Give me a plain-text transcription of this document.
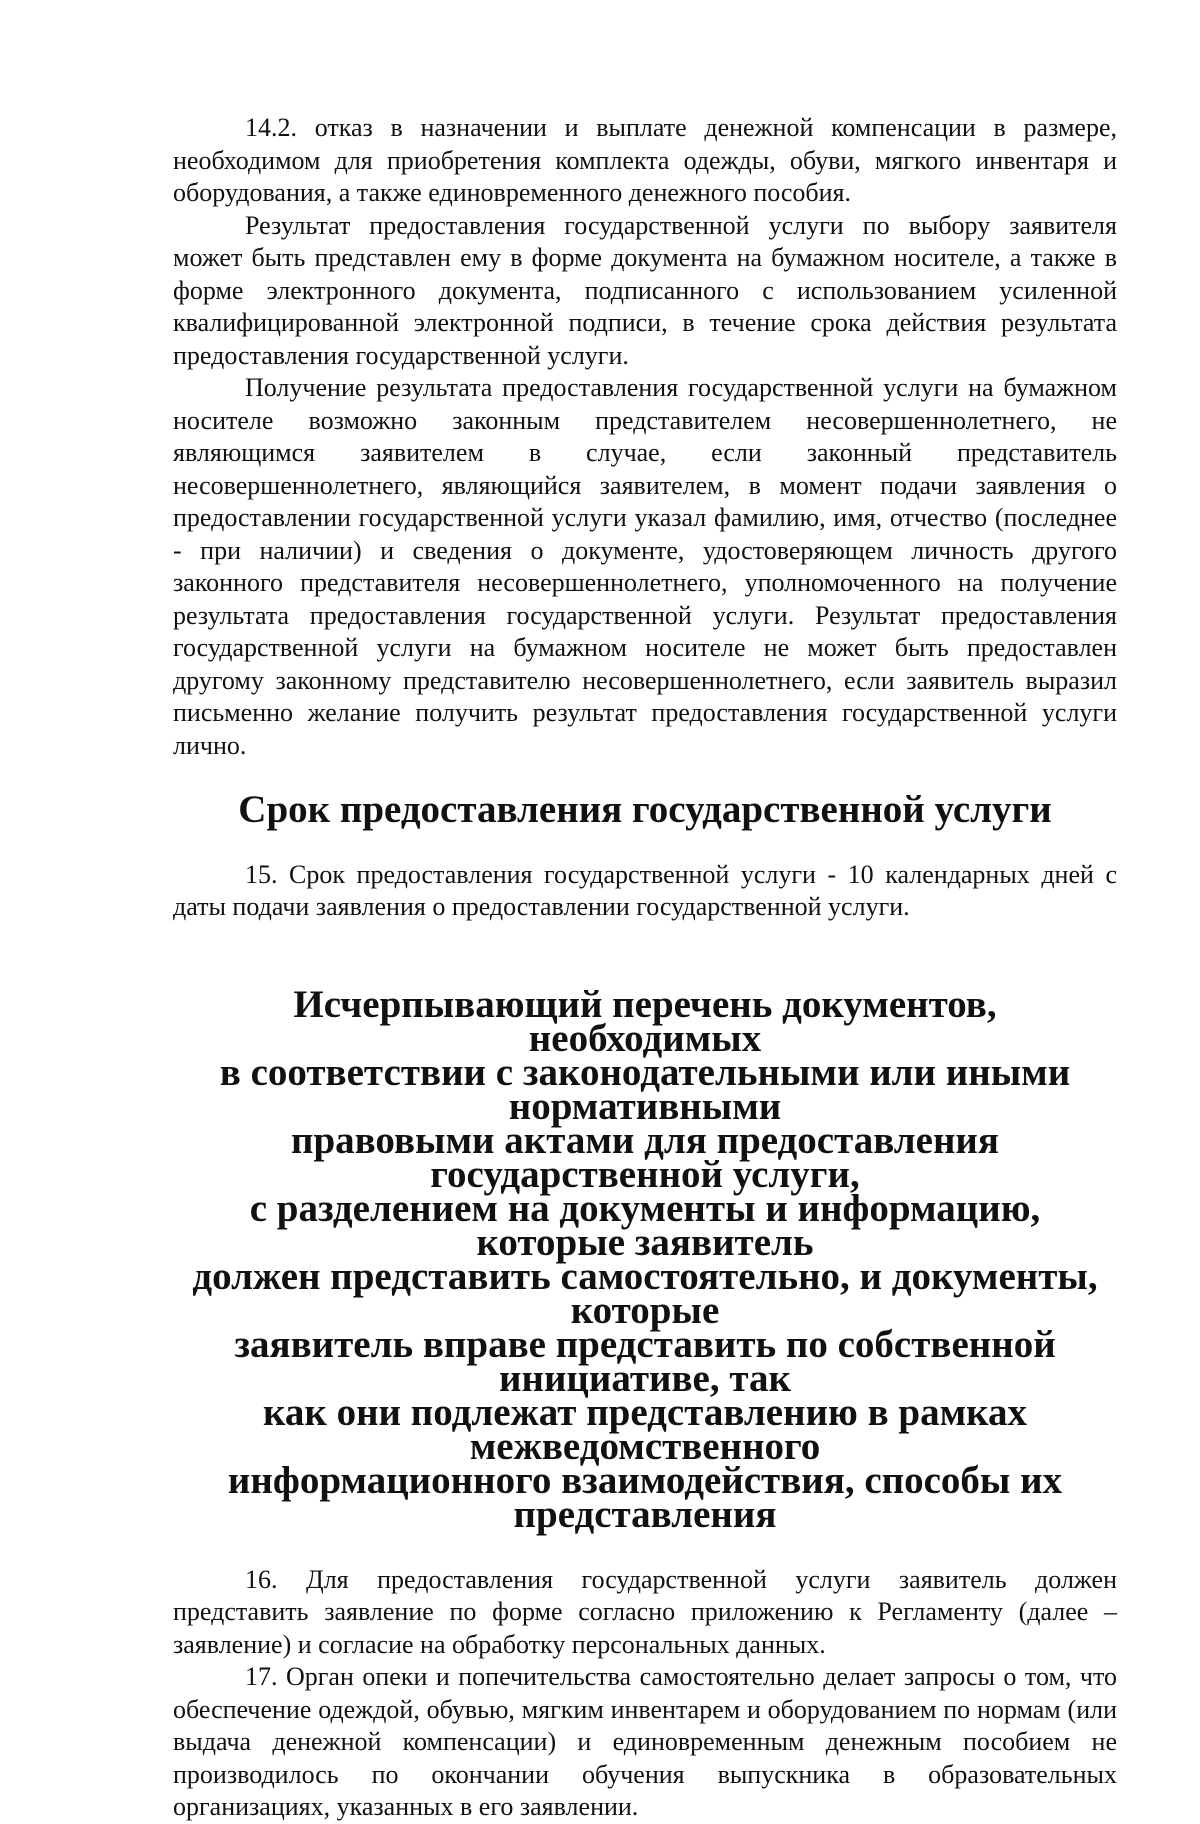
14.2. отказ в назначении и выплате денежной компенсации в размере, необходимом для приобретения комплекта одежды, обуви, мягкого инвентаря и оборудования, а также единовременного денежного пособия.

Результат предоставления государственной услуги по выбору заявителя может быть представлен ему в форме документа на бумажном носителе, а также в форме электронного документа, подписанного с использованием усиленной квалифицированной электронной подписи, в течение срока действия результата предоставления государственной услуги.

Получение результата предоставления государственной услуги на бумажном носителе возможно законным представителем несовершеннолетнего, не являющимся заявителем в случае, если законный представитель несовершеннолетнего, являющийся заявителем, в момент подачи заявления о предоставлении государственной услуги указал фамилию, имя, отчество (последнее - при наличии) и сведения о документе, удостоверяющем личность другого законного представителя несовершеннолетнего, уполномоченного на получение результата предоставления государственной услуги. Результат предоставления государственной услуги на бумажном носителе не может быть предоставлен другому законному представителю несовершеннолетнего, если заявитель выразил письменно желание получить результат предоставления государственной услуги лично.

Срок предоставления государственной услуги

15. Срок предоставления государственной услуги - 10 календарных дней с даты подачи заявления о предоставлении государственной услуги.

Исчерпывающий перечень документов, необходимых
в соответствии с законодательными или иными нормативными
правовыми актами для предоставления государственной услуги,
с разделением на документы и информацию, которые заявитель
должен представить самостоятельно, и документы, которые
заявитель вправе представить по собственной инициативе, так
как они подлежат представлению в рамках межведомственного
информационного взаимодействия, способы их представления

16. Для предоставления государственной услуги заявитель должен представить заявление по форме согласно приложению к Регламенту (далее – заявление) и согласие на обработку персональных данных.

17. Орган опеки и попечительства самостоятельно делает запросы о том, что обеспечение одеждой, обувью, мягким инвентарем и оборудованием по нормам (или выдача денежной компенсации) и единовременным денежным пособием не производилось по окончании обучения выпускника в образовательных организациях, указанных в его заявлении.
